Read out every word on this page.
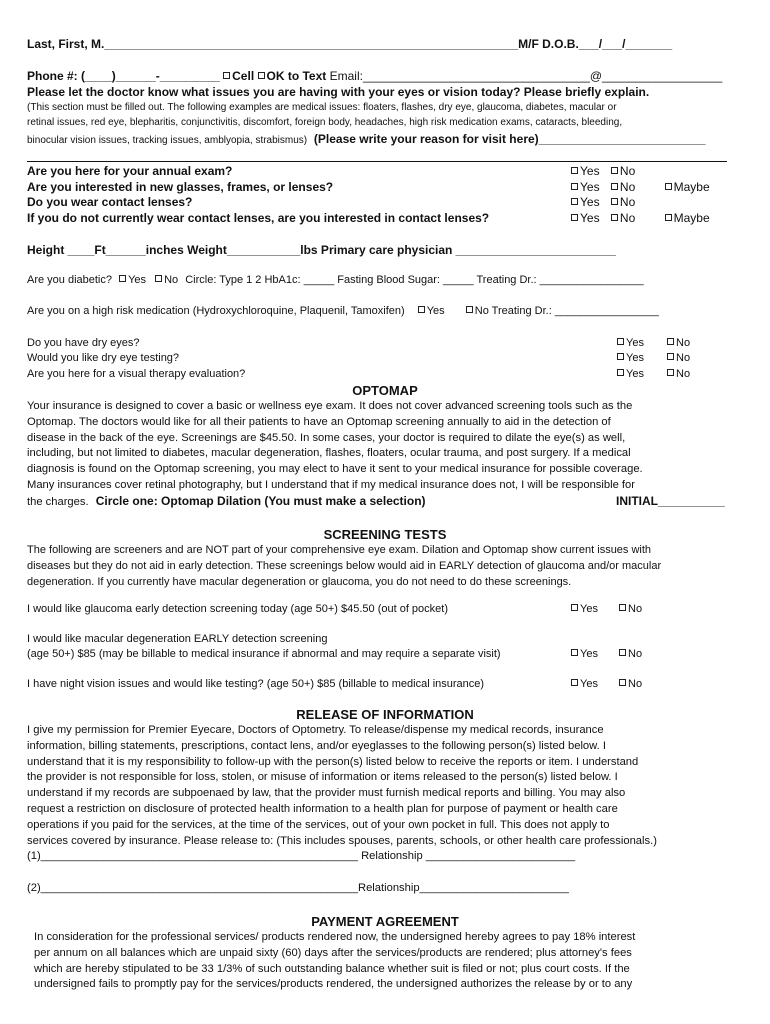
Last, First, M.______________________________________________________________M/F D.O.B.___/___/_______
Phone #: (____)______-_________ Cell OK to Text Email:__________________________________@__________________
Please let the doctor know what issues you are having with your eyes or vision today? Please briefly explain.
(This section must be filled out. The following examples are medical issues: floaters, flashes, dry eye, glaucoma, diabetes, macular or
retinal issues, red eye, blepharitis, conjunctivitis, discomfort, foreign body, headaches, high risk medication exams, cataracts, bleeding,
binocular vision issues, tracking issues, amblyopia, strabismus) (Please write your reason for visit here)_________________________
Are you here for your annual exam?	Yes No
Are you interested in new glasses, frames, or lenses?	Yes No	Maybe
Do you wear contact lenses?	Yes No
If you do not currently wear contact lenses, are you interested in contact lenses?	Yes No	Maybe
Height ____Ft______inches Weight___________lbs Primary care physician ________________________
Are you diabetic? Yes No Circle: Type 1 2 HbA1c: _____ Fasting Blood Sugar: _____ Treating Dr.: _________________
Are you on a high risk medication (Hydroxychloroquine, Plaquenil, Tamoxifen) Yes	No Treating Dr.: _________________
Do you have dry eyes?	Yes	No
Would you like dry eye testing?	Yes	No
Are you here for a visual therapy evaluation?	Yes	No
OPTOMAP
Your insurance is designed to cover a basic or wellness eye exam. It does not cover advanced screening tools such as the
Optomap. The doctors would like for all their patients to have an Optomap screening annually to aid in the detection of
disease in the back of the eye. Screenings are $45.50. In some cases, your doctor is required to dilate the eye(s) as well,
including, but not limited to diabetes, macular degeneration, flashes, floaters, ocular trauma, and post surgery. If a medical
diagnosis is found on the Optomap screening, you may elect to have it sent to your medical insurance for possible coverage.
Many insurances cover retinal photography, but I understand that if my medical insurance does not, I will be responsible for
the charges. Circle one: Optomap Dilation (You must make a selection)	INITIAL__________
SCREENING TESTS
The following are screeners and are NOT part of your comprehensive eye exam. Dilation and Optomap show current issues with
diseases but they do not aid in early detection. These screenings below would aid in EARLY detection of glaucoma and/or macular
degeneration. If you currently have macular degeneration or glaucoma, you do not need to do these screenings.
I would like glaucoma early detection screening today (age 50+) $45.50 (out of pocket)	Yes	No
I would like macular degeneration EARLY detection screening
(age 50+) $85 (may be billable to medical insurance if abnormal and may require a separate visit)	Yes	No
I have night vision issues and would like testing? (age 50+) $85 (billable to medical insurance)	Yes	No
RELEASE OF INFORMATION
I give my permission for Premier Eyecare, Doctors of Optometry. To release/dispense my medical records, insurance
information, billing statements, prescriptions, contact lens, and/or eyeglasses to the following person(s) listed below. I
understand that it is my responsibility to follow-up with the person(s) listed below to receive the reports or item. I understand
the provider is not responsible for loss, stolen, or misuse of information or items released to the person(s) listed below. I
understand if my records are subpoenaed by law, that the provider must furnish medical reports and billing. You may also
request a restriction on disclosure of protected health information to a health plan for purpose of payment or health care
operations if you paid for the services, at the time of the services, out of your own pocket in full. This does not apply to
services covered by insurance. Please release to: (This includes spouses, parents, schools, or other health care professionals.)
(1)___________________________________________________ Relationship ________________________
(2)___________________________________________________Relationship________________________
PAYMENT AGREEMENT
In consideration for the professional services/ products rendered now, the undersigned hereby agrees to pay 18% interest
per annum on all balances which are unpaid sixty (60) days after the services/products are rendered; plus attorney's fees
which are hereby stipulated to be 33 1/3% of such outstanding balance whether suit is filed or not; plus court costs. If the
undersigned fails to promptly pay for the services/products rendered, the undersigned authorizes the release by or to any
